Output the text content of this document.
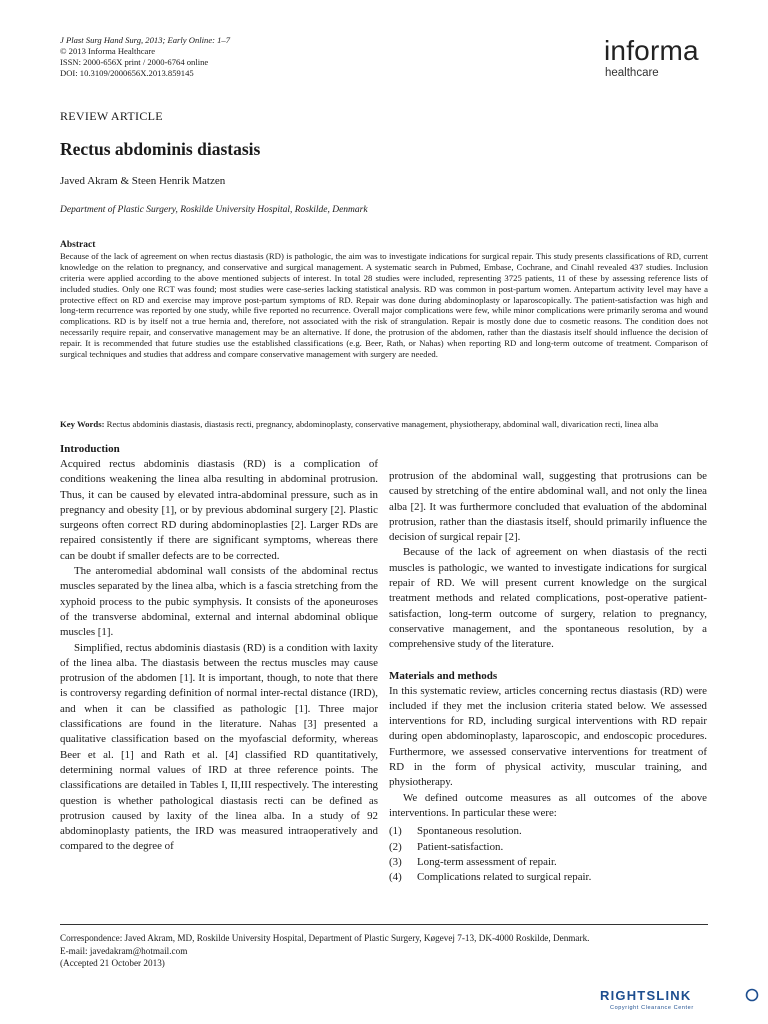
J Plast Surg Hand Surg, 2013; Early Online: 1–7
© 2013 Informa Healthcare
ISSN: 2000-656X print / 2000-6764 online
DOI: 10.3109/2000656X.2013.859145
informa
healthcare
REVIEW ARTICLE
Rectus abdominis diastasis
Javed Akram & Steen Henrik Matzen
Department of Plastic Surgery, Roskilde University Hospital, Roskilde, Denmark
Abstract
Because of the lack of agreement on when rectus diastasis (RD) is pathologic, the aim was to investigate indications for surgical repair. This study presents classifications of RD, current knowledge on the relation to pregnancy, and conservative and surgical management. A systematic search in Pubmed, Embase, Cochrane, and Cinahl revealed 437 studies. Inclusion criteria were applied according to the above mentioned subjects of interest. In total 28 studies were included, representing 3725 patients, 11 of these by assessing reference lists of included studies. Only one RCT was found; most studies were case-series lacking statistical analysis. RD was common in post-partum women. Antepartum activity level may have a protective effect on RD and exercise may improve post-partum symptoms of RD. Repair was done during abdominoplasty or laparoscopically. The patient-satisfaction was high and long-term recurrence was reported by one study, while five reported no recurrence. Overall major complications were few, while minor complications were primarily seroma and wound complications. RD is by itself not a true hernia and, therefore, not associated with the risk of strangulation. Repair is mostly done due to cosmetic reasons. The condition does not necessarily require repair, and conservative management may be an alternative. If done, the protrusion of the abdomen, rather than the diastasis itself should influence the decision of repair. It is recommended that future studies use the established classifications (e.g. Beer, Rath, or Nahas) when reporting RD and long-term outcome of treatment. Comparison of surgical techniques and studies that address and compare conservative management with surgery are needed.
Key Words: Rectus abdominis diastasis, diastasis recti, pregnancy, abdominoplasty, conservative management, physiotherapy, abdominal wall, divarication recti, linea alba
Introduction

Acquired rectus abdominis diastasis (RD) is a complication of conditions weakening the linea alba resulting in abdominal protrusion. Thus, it can be caused by elevated intra-abdominal pressure, such as in pregnancy and obesity [1], or by previous abdominal surgery [2]. Plastic surgeons often correct RD during abdominoplasties [2]. Larger RDs are repaired consistently if there are significant symptoms, whereas there can be doubt if smaller defects are to be corrected.

The anteromedial abdominal wall consists of the abdominal rectus muscles separated by the linea alba, which is a fascia stretching from the xyphoid process to the pubic symphysis. It consists of the aponeuroses of the transverse abdominal, external and internal abdominal oblique muscles [1].

Simplified, rectus abdominis diastasis (RD) is a condition with laxity of the linea alba. The diastasis between the rectus muscles may cause protrusion of the abdomen [1]. It is important, though, to note that there is controversy regarding definition of normal inter-rectal distance (IRD), and when it can be classified as pathologic [1]. Three major classifications are found in the literature. Nahas [3] presented a qualitative classification based on the myofascial deformity, whereas Beer et al. [1] and Rath et al. [4] classified RD quantitatively, determining normal values of IRD at three reference points. The classifications are detailed in Tables I, II,III respectively. The interesting question is whether pathological diastasis recti can be defined as protrusion caused by laxity of the linea alba. In a study of 92 abdominoplasty patients, the IRD was measured intraoperatively and compared to the degree of

protrusion of the abdominal wall, suggesting that protrusions can be caused by stretching of the entire abdominal wall, and not only the linea alba [2]. It was furthermore concluded that evaluation of the abdominal protrusion, rather than the diastasis itself, should primarily influence the decision of surgical repair [2].

Because of the lack of agreement on when diastasis of the recti muscles is pathologic, we wanted to investigate indications for surgical repair of RD. We will present current knowledge on the surgical treatment methods and related complications, post-operative patient-satisfaction, long-term outcome of surgery, relation to pregnancy, conservative management, and the spontaneous resolution, by a comprehensive study of the literature.

Materials and methods

In this systematic review, articles concerning rectus diastasis (RD) were included if they met the inclusion criteria stated below. We assessed interventions for RD, including surgical interventions with RD repair during open abdominoplasty, laparoscopic, and endoscopic procedures. Furthermore, we assessed conservative interventions for treatment of RD in the form of physical activity, muscular training, and physiotherapy.

We defined outcome measures as all outcomes of the above interventions. In particular these were:

(1)	Spontaneous resolution.
(2)	Patient-satisfaction.
(3)	Long-term assessment of repair.
(4)	Complications related to surgical repair.
Correspondence: Javed Akram, MD, Roskilde University Hospital, Department of Plastic Surgery, Køgevej 7-13, DK-4000 Roskilde, Denmark.
E-mail: javedakram@hotmail.com
(Accepted 21 October 2013)
RIGHTSLINK
Copyright Clearance Center
